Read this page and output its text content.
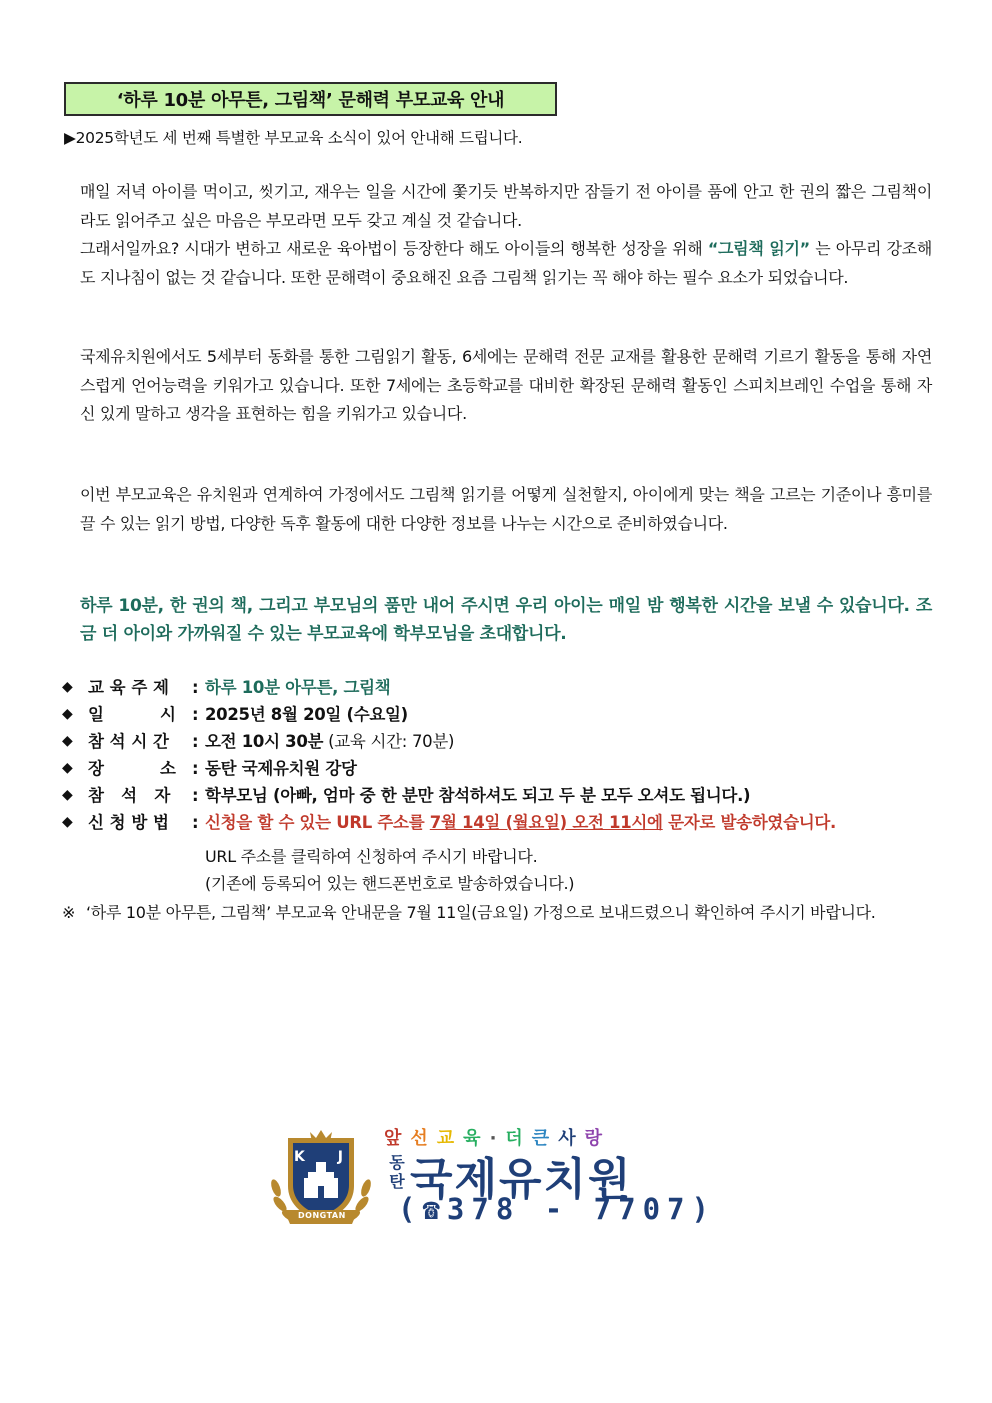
‘하루 10분 아무튼, 그림책’ 문해력 부모교육 안내
▶2025학년도 세 번째 특별한 부모교육 소식이 있어 안내해 드립니다.
매일 저녁 아이를 먹이고, 씻기고, 재우는 일을 시간에 쫓기듯 반복하지만 잠들기 전 아이를 품에 안고 한 권의 짧은 그림책이라도 읽어주고 싶은 마음은 부모라면 모두 갖고 계실 것 같습니다.
그래서일까요? 시대가 변하고 새로운 육아법이 등장한다 해도 아이들의 행복한 성장을 위해 “그림책 읽기” 는 아무리 강조해도 지나침이 없는 것 같습니다. 또한 문해력이 중요해진 요즘 그림책 읽기는 꼭 해야 하는 필수 요소가 되었습니다.
국제유치원에서도 5세부터 동화를 통한 그림읽기 활동, 6세에는 문해력 전문 교재를 활용한 문해력 기르기 활동을 통해 자연스럽게 언어능력을 키워가고 있습니다. 또한 7세에는 초등학교를 대비한 확장된 문해력 활동인 스피치브레인 수업을 통해 자신 있게 말하고 생각을 표현하는 힘을 키워가고 있습니다.
이번 부모교육은 유치원과 연계하여 가정에서도 그림책 읽기를 어떻게 실천할지, 아이에게 맞는 책을 고르는 기준이나 흥미를 끌 수 있는 읽기 방법, 다양한 독후 활동에 대한 다양한 정보를 나누는 시간으로 준비하였습니다.
하루 10분, 한 권의 책, 그리고 부모님의 품만 내어 주시면 우리 아이는 매일 밤 행복한 시간을 보낼 수 있습니다. 조금 더 아이와 가까워질 수 있는 부모교육에 학부모님을 초대합니다.
◆ 교 육 주 제	: 하루 10분 아무튼, 그림책
◆ 일	시 : 2025년 8월 20일 (수요일)
◆ 참 석 시 간	: 오전 10시 30분 (교육 시간: 70분)
◆ 장	소 : 동탄 국제유치원 강당
◆ 참   석   자	: 학부모님 (아빠, 엄마 중 한 분만 참석하셔도 되고 두 분 모두 오셔도 됩니다.)
◆ 신 청 방 법	: 신청을 할 수 있는 URL 주소를 7월 14일 (월요일) 오전 11시에 문자로 발송하였습니다.
URL 주소를 클릭하여 신청하여 주시기 바랍니다.
(기존에 등록되어 있는 핸드폰번호로 발송하였습니다.)
※ ‘하루 10분 아무튼, 그림책’ 부모교육 안내문을 7월 11일(금요일) 가정으로 보내드렸으니 확인하여 주시기 바랍니다.
K J
DONGTAN
앞선교육·더큰사랑
동
탄 국제유치원
(☎378 - 7707)
